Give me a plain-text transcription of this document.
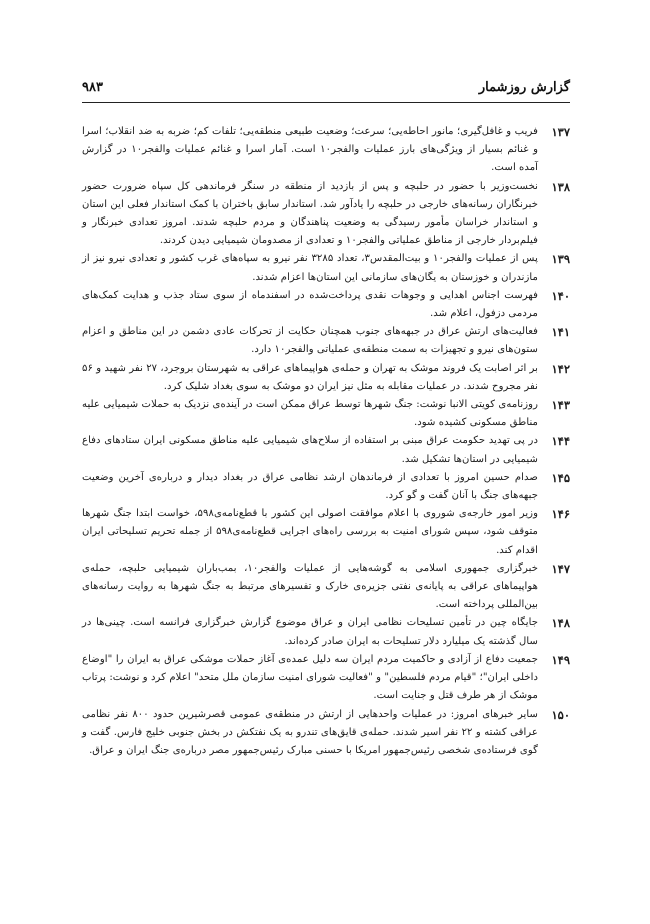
گزارش روزشمار
۹۸۳

۱۳۷
فریب و غافل‌گیری؛ مانور احاطه‌یی؛ سرعت؛ وضعیت طبیعی منطقه‌یی؛ تلفات کم؛ ضربه به ضد انقلاب؛ اسرا و غنائم بسیار از ویژگی‌های بارز عملیات والفجر۱۰ است. آمار اسرا و غنائم عملیات والفجر۱۰ در گزارش آمده است.

۱۳۸
نخست‌وزیر با حضور در حلبچه و پس از بازدید از منطقه در سنگر فرماندهی کل سپاه ضرورت حضور خبرنگاران رسانه‌های خارجی در حلبچه را یادآور شد. استاندار سابق باختران با کمک استاندار فعلی این استان و استاندار خراسان مأمور رسیدگی به وضعیت پناهندگان و مردم حلبچه شدند. امروز تعدادی خبرنگار و فیلم‌بردار خارجی از مناطق عملیاتی والفجر۱۰ و تعدادی از مصدومان شیمیایی دیدن کردند.

۱۳۹
پس از عملیات والفجر۱۰ و بیت‌المقدس۳، تعداد ۳۲۸۵ نفر نیرو به سپاه‌های غرب کشور و تعدادی نیرو نیز از مازندران و خوزستان به یگان‌های سازمانی این استان‌ها اعزام شدند.

۱۴۰
فهرست اجناس اهدایی و وجوهات نقدی پرداخت‌شده در اسفندماه از سوی ستاد جذب و هدایت کمک‌های مردمی دزفول، اعلام شد.

۱۴۱
فعالیت‌های ارتش عراق در جبهه‌های جنوب همچنان حکایت از تحرکات عادی دشمن در این مناطق و اعزام ستون‌های نیرو و تجهیزات به سمت منطقه‌ی عملیاتی والفجر۱۰ دارد.

۱۴۲
بر اثر اصابت یک فروند موشک به تهران و حمله‌ی هواپیماهای عراقی به شهرستان بروجرد، ۲۷ نفر شهید و ۵۶ نفر مجروح شدند. در عملیات مقابله به مثل نیز ایران دو موشک به سوی بغداد شلیک کرد.

۱۴۳
روزنامه‌ی کویتی الانبا نوشت: جنگ شهرها توسط عراق ممکن است در آینده‌ی نزدیک به حملات شیمیایی علیه مناطق مسکونی کشیده شود.

۱۴۴
در پی تهدید حکومت عراق مبنی بر استفاده از سلاح‌های شیمیایی علیه مناطق مسکونی ایران ستادهای دفاع شیمیایی در استان‌ها تشکیل شد.

۱۴۵
صدام حسین امروز با تعدادی از فرماندهان ارشد نظامی عراق در بغداد دیدار و درباره‌ی آخرین وضعیت جبهه‌های جنگ با آنان گفت و گو کرد.

۱۴۶
وزیر امور خارجه‌ی شوروی با اعلام موافقت اصولی این کشور با قطع‌نامه‌ی۵۹۸، خواست ابتدا جنگ شهرها متوقف شود، سپس شورای امنیت به بررسی راه‌های اجرایی قطع‌نامه‌ی۵۹۸ از جمله تحریم تسلیحاتی ایران اقدام کند.

۱۴۷
خبرگزاری جمهوری اسلامی به گوشه‌هایی از عملیات والفجر۱۰، بمب‌باران شیمیایی حلبچه، حمله‌ی هواپیماهای عراقی به پایانه‌ی نفتی جزیره‌ی خارک و تفسیرهای مرتبط به جنگ شهرها به روایت رسانه‌های بین‌المللی پرداخته است.

۱۴۸
جایگاه چین در تأمین تسلیحات نظامی ایران و عراق موضوع گزارش خبرگزاری فرانسه است. چینی‌ها در سال گذشته یک میلیارد دلار تسلیحات به ایران صادر کرده‌اند.

۱۴۹
جمعیت دفاع از آزادی و حاکمیت مردم ایران سه دلیل عمده‌ی آغاز حملات موشکی عراق به ایران را "اوضاع داخلی ایران"؛ "قیام مردم فلسطین" و "فعالیت شورای امنیت سازمان ملل متحد" اعلام کرد و نوشت: پرتاب موشک از هر طرف قتل و جنایت است.

۱۵۰
سایر خبرهای امروز: در عملیات واحدهایی از ارتش در منطقه‌ی عمومی قصرشیرین حدود ۸۰۰ نفر نظامی عراقی کشته و ۲۲ نفر اسیر شدند. حمله‌ی قایق‌های تندرو به یک نفتکش در بخش جنوبی خلیج فارس. گفت و گوی فرستاده‌ی شخصی رئیس‌جمهور امریکا با حسنی مبارک رئیس‌جمهور مصر درباره‌ی جنگ ایران و عراق.
